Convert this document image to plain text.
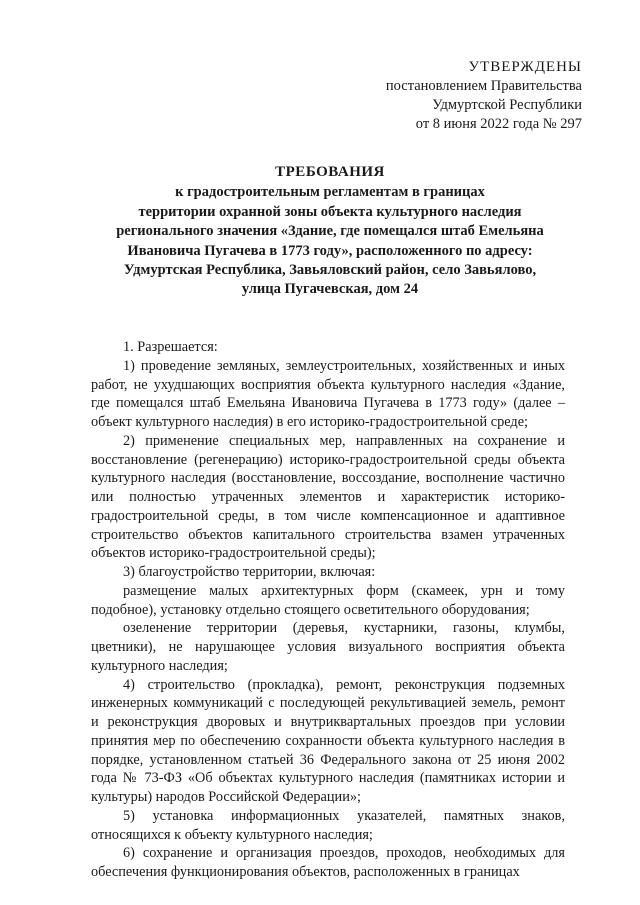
УТВЕРЖДЕНЫ
постановлением Правительства
Удмуртской Республики
от 8 июня 2022 года № 297
ТРЕБОВАНИЯ
к градостроительным регламентам в границах
территории охранной зоны объекта культурного наследия
регионального значения «Здание, где помещался штаб Емельяна
Ивановича Пугачева в 1773 году», расположенного по адресу:
Удмуртская Республика, Завьяловский район, село Завьялово,
улица Пугачевская, дом 24

1. Разрешается:

1) проведение земляных, землеустроительных, хозяйственных и иных работ, не ухудшающих восприятия объекта культурного наследия «Здание, где помещался штаб Емельяна Ивановича Пугачева в 1773 году» (далее – объект культурного наследия) в его историко-градостроительной среде;

2) применение специальных мер, направленных на сохранение и восстановление (регенерацию) историко-градостроительной среды объекта культурного наследия (восстановление, воссоздание, восполнение частично или полностью утраченных элементов и характеристик историко-градостроительной среды, в том числе компенсационное и адаптивное строительство объектов капитального строительства взамен утраченных объектов историко-градостроительной среды);

3) благоустройство территории, включая:

размещение малых архитектурных форм (скамеек, урн и тому подобное), установку отдельно стоящего осветительного оборудования;

озеленение территории (деревья, кустарники, газоны, клумбы, цветники), не нарушающее условия визуального восприятия объекта культурного наследия;

4) строительство (прокладка), ремонт, реконструкция подземных инженерных коммуникаций с последующей рекультивацией земель, ремонт и реконструкция дворовых и внутриквартальных проездов при условии принятия мер по обеспечению сохранности объекта культурного наследия в порядке, установленном статьей 36 Федерального закона от 25 июня 2002 года № 73-ФЗ «Об объектах культурного наследия (памятниках истории и культуры) народов Российской Федерации»;

5) установка информационных указателей, памятных знаков, относящихся к объекту культурного наследия;

6) сохранение и организация проездов, проходов, необходимых для обеспечения функционирования объектов, расположенных в границах
